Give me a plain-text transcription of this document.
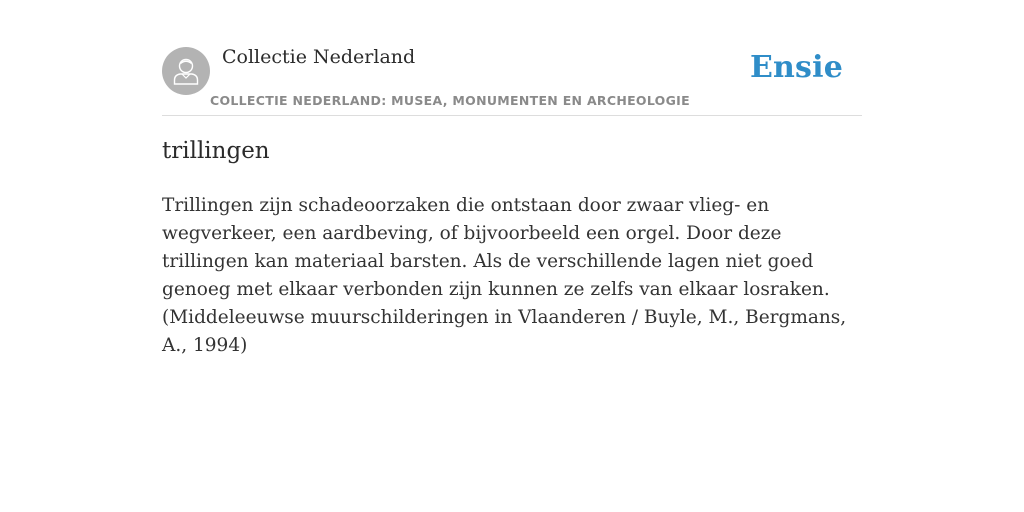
Collectie Nederland
COLLECTIE NEDERLAND: MUSEA, MONUMENTEN EN ARCHEOLOGIE
Ensie
trillingen

Trillingen zijn schadeoorzaken die ontstaan door zwaar vlieg- en wegverkeer, een aardbeving, of bijvoorbeeld een orgel. Door deze trillingen kan materiaal barsten. Als de verschillende lagen niet goed genoeg met elkaar verbonden zijn kunnen ze zelfs van elkaar losraken. (Middeleeuwse muurschilderingen in Vlaanderen / Buyle, M., Bergmans, A., 1994)
